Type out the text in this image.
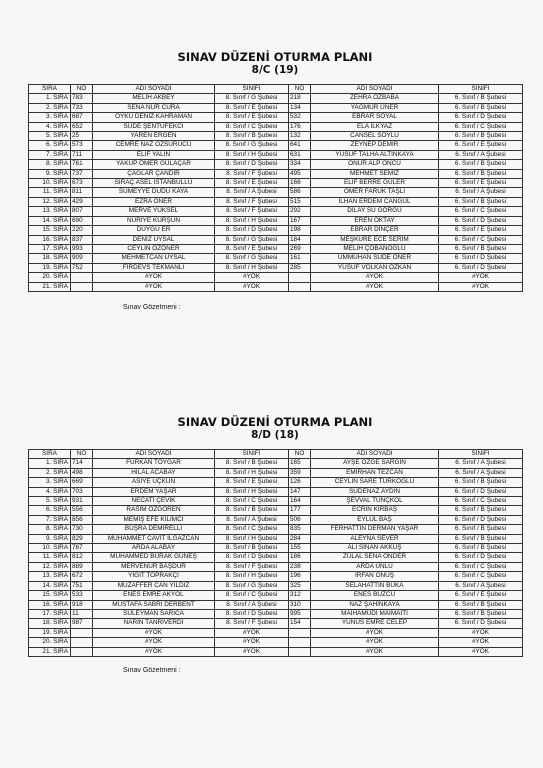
SINAV DÜZENİ OTURMA PLANI
8/C (19)
SIRA	NO	ADI SOYADI	SINIFI	NO	ADI SOYADI	SINIFI
1. SIRA	783	MELİH AKBEY	8. Sınıf / G Şubesi	218	ZEHRA ÖZBABA	6. Sınıf / B Şubesi
2. SIRA	733	SENA NUR CURA	8. Sınıf / E Şubesi	134	YAĞMUR ÜNER	6. Sınıf / B Şubesi
3. SIRA	687	ÖYKÜ DENİZ KAHRAMAN	8. Sınıf / E Şubesi	532	EBRAR SOYAL	6. Sınıf / D Şubesi
4. SIRA	652	SUDE ŞENTÜFEKCİ	8. Sınıf / C Şubesi	176	ELA İLKYAZ	6. Sınıf / C Şubesi
5. SIRA	25	YAREN ERGEN	8. Sınıf / B Şubesi	132	CANSEL SOYLU	6. Sınıf / B Şubesi
6. SIRA	573	CEMRE NAZ ÖZSÜRÜCÜ	8. Sınıf / G Şubesi	641	ZEYNEP DEMİR	6. Sınıf / E Şubesi
7. SIRA	711	ELİF YALIN	8. Sınıf / H Şubesi	631	YUSUF TALHA ALTINKAYA	6. Sınıf / A Şubesi
8. SIRA	761	YAKUP ÖMER GÜLAÇAR	8. Sınıf / D Şubesi	334	ONUR ALP ÖNCÜ	6. Sınıf / B Şubesi
9. SIRA	737	ÇAĞLAR ÇANDIR	8. Sınıf / F Şubesi	495	MEHMET SEMİZ	6. Sınıf / B Şubesi
10. SIRA	673	SİRAÇ ASEL İSTANBULLU	8. Sınıf / E Şubesi	166	ELİF BERRE GÜLER	6. Sınıf / E Şubesi
11. SIRA	811	SÜMEYYE DUDU KAYA	8. Sınıf / A Şubesi	586	ÖMER FARUK TAŞLI	6. Sınıf / A Şubesi
12. SIRA	429	EZRA ÖNER	8. Sınıf / F Şubesi	515	İLHAN ERDEM CANGÜL	6. Sınıf / B Şubesi
13. SIRA	807	MERVE YÜKSEL	8. Sınıf / F Şubesi	292	DİLAY SU GÖRGÜ	6. Sınıf / C Şubesi
14. SIRA	690	NURİYE KURŞUN	8. Sınıf / H Şubesi	167	EREN OKTAY	6. Sınıf / D Şubesi
15. SIRA	220	DUYGU ER	8. Sınıf / D Şubesi	198	EBRAR DİNÇER	6. Sınıf / E Şubesi
16. SIRA	837	DENİZ UYSAL	8. Sınıf / G Şubesi	184	MEŞKÜRE ECE SERİM	6. Sınıf / C Şubesi
17. SIRA	993	CEYLİN ÖZÖNER	8. Sınıf / E Şubesi	269	MELİH ÇOBANOĞLU	6. Sınıf / B Şubesi
18. SIRA	909	MEHMETCAN UYSAL	8. Sınıf / G Şubesi	161	ÜMMÜHAN SUDE ÖNER	6. Sınıf / D Şubesi
19. SIRA	752	FİRDEVS TEKMANLI	8. Sınıf / H Şubesi	285	YUSUF VOLKAN ÖZKAN	6. Sınıf / D Şubesi
20. SIRA		#YOK	#YOK		#YOK	#YOK
21. SIRA		#YOK	#YOK		#YOK	#YOK
Sınav Gözetmeni :
SINAV DÜZENİ OTURMA PLANI
8/D (18)
SIRA	NO	ADI SOYADI	SINIFI	NO	ADI SOYADI	SINIFI
1. SIRA	714	FURKAN TOYGAR	8. Sınıf / B Şubesi	165	AYŞE ÖZGE SARGIN	6. Sınıf / A Şubesi
2. SIRA	498	HİLAL ACABAY	8. Sınıf / H Şubesi	359	EMİRHAN TEZCAN	6. Sınıf / A Şubesi
3. SIRA	669	ASİYE UÇKUN	8. Sınıf / E Şubesi	126	CEYLİN SARE TÜRKOĞLU	6. Sınıf / B Şubesi
4. SIRA	703	ERDEM YAŞAR	8. Sınıf / H Şubesi	147	SUDENAZ AYDIN	6. Sınıf / D Şubesi
5. SIRA	931	NECATİ ÇEVİK	8. Sınıf / C Şubesi	164	ŞEVVAL TUNÇKOL	6. Sınıf / C Şubesi
6. SIRA	556	RASİM ÖZGÖREN	8. Sınıf / B Şubesi	177	ECRİN KIRBAŞ	6. Sınıf / B Şubesi
7. SIRA	856	MEMİŞ EFE KİLİMCİ	8. Sınıf / A Şubesi	506	EYLÜL BAŞ	6. Sınıf / D Şubesi
8. SIRA	730	BÜŞRA DEMİRELLİ	8. Sınıf / C Şubesi	835	FERHATTİN DERMAN YAŞAR	6. Sınıf / B Şubesi
9. SIRA	829	MUHAMMET CAVİT ILGAZCAN	8. Sınıf / H Şubesi	284	ALEYNA SEVER	6. Sınıf / B Şubesi
10. SIRA	767	ARDA ALABAY	8. Sınıf / B Şubesi	155	ALİ SİNAN AKKUŞ	6. Sınıf / B Şubesi
11. SIRA	812	MUHAMMED BURAK GÜNEŞ	8. Sınıf / D Şubesi	186	ZÜLAL SENA ÖNDER	6. Sınıf / D Şubesi
12. SIRA	889	MERVENUR BAŞDUR	8. Sınıf / F Şubesi	238	ARDA ÜNLÜ	6. Sınıf / C Şubesi
13. SIRA	672	YİĞİT TOPRAKÇI	8. Sınıf / H Şubesi	196	İRFAN ONUŞ	6. Sınıf / C Şubesi
14. SIRA	751	MUZAFFER CAN YILDIZ	8. Sınıf / G Şubesi	325	SELAHATTİN BUKA	6. Sınıf / A Şubesi
15. SIRA	533	ENES EMRE AKYOL	8. Sınıf / C Şubesi	312	ENES BUZCU	6. Sınıf / E Şubesi
16. SIRA	918	MUSTAFA SABRİ DERBENT	8. Sınıf / A Şubesi	310	NAZ ŞAHİNKAYA	6. Sınıf / B Şubesi
17. SIRA	11	SÜLEYMAN SARICA	8. Sınıf / D Şubesi	995	MAİHAMUDİ MAİMAİTİ	6. Sınıf / B Şubesi
18. SIRA	987	NARİN TANRIVERDİ	8. Sınıf / F Şubesi	154	YUNUS EMRE CELEP	6. Sınıf / D Şubesi
19. SIRA		#YOK	#YOK		#YOK	#YOK
20. SIRA		#YOK	#YOK		#YOK	#YOK
21. SIRA		#YOK	#YOK		#YOK	#YOK
Sınav Gözetmeni :
